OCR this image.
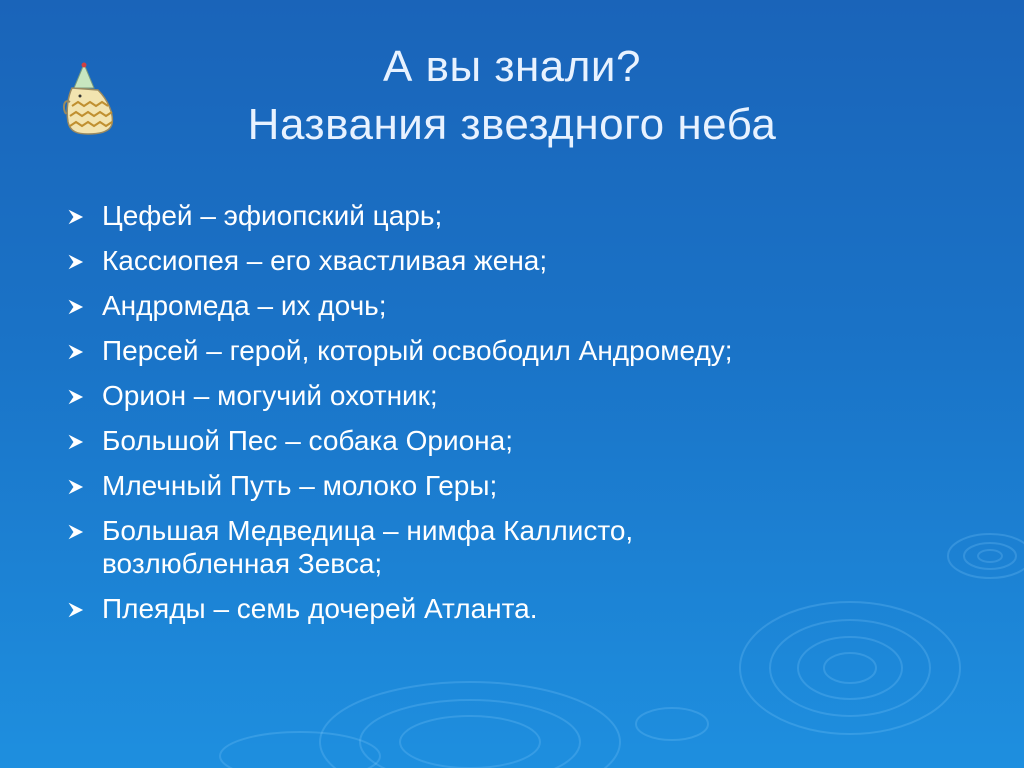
А вы знали?
Названия звездного неба
Цефей – эфиопский царь;
Кассиопея – его хвастливая жена;
Андромеда – их дочь;
Персей – герой, который освободил Андромеду;
Орион – могучий охотник;
Большой Пес – собака Ориона;
Млечный Путь – молоко Геры;
Большая Медведица – нимфа Каллисто, возлюбленная Зевса;
Плеяды – семь дочерей Атланта.
